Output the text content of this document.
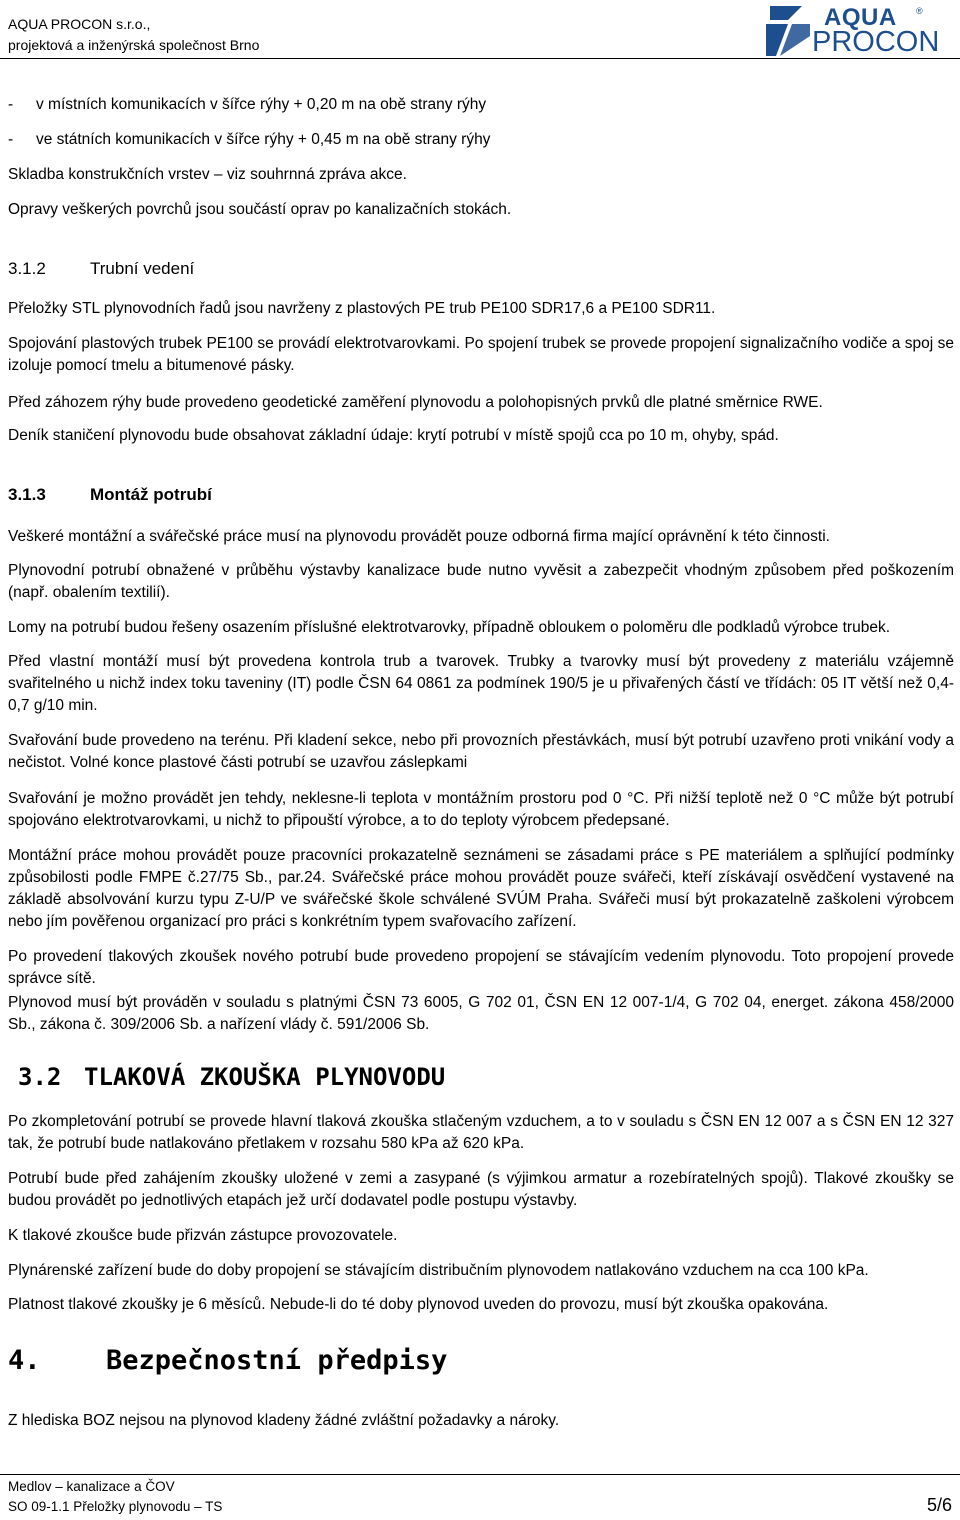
AQUA PROCON s.r.o.,
projektová a inženýrská společnost Brno
AQUA ®
PROCON
- v místních komunikacích v šířce rýhy + 0,20 m na obě strany rýhy
- ve státních komunikacích v šířce rýhy + 0,45 m na obě strany rýhy

Skladba konstrukčních vrstev – viz souhrnná zpráva akce.

Opravy veškerých povrchů jsou součástí oprav po kanalizačních stokách.

3.1.2	Trubní vedení

Přeložky STL plynovodních řadů jsou navrženy z plastových PE trub PE100 SDR17,6 a PE100 SDR11.

Spojování plastových trubek PE100 se provádí elektrotvarovkami. Po spojení trubek se provede propojení signalizačního vodiče a spoj se izoluje pomocí tmelu a bitumenové pásky.

Před záhozem rýhy bude provedeno geodetické zaměření plynovodu a polohopisných prvků dle platné směrnice RWE.

Deník staničení plynovodu bude obsahovat základní údaje: krytí potrubí v místě spojů cca po 10 m, ohyby, spád.

3.1.3	Montáž potrubí

Veškeré montážní a svářečské práce musí na plynovodu provádět pouze odborná firma mající oprávnění k této činnosti.

Plynovodní potrubí obnažené v průběhu výstavby kanalizace bude nutno vyvěsit a zabezpečit vhodným způsobem před poškozením (např. obalením textilií).

Lomy na potrubí budou řešeny osazením příslušné elektrotvarovky, případně obloukem o poloměru dle podkladů výrobce trubek.

Před vlastní montáží musí být provedena kontrola trub a tvarovek. Trubky a tvarovky musí být provedeny z materiálu vzájemně svařitelného u nichž index toku taveniny (IT) podle ČSN 64 0861 za podmínek 190/5 je u přivařených částí ve třídách: 05 IT větší než 0,4-0,7 g/10 min.

Svařování bude provedeno na terénu. Při kladení sekce, nebo při provozních přestávkách, musí být potrubí uzavřeno proti vnikání vody a nečistot. Volné konce plastové části potrubí se uzavřou záslepkami

Svařování je možno provádět jen tehdy, neklesne-li teplota v montážním prostoru pod 0 °C. Při nižší teplotě než 0 °C může být potrubí spojováno elektrotvarovkami, u nichž to připouští výrobce, a to do teploty výrobcem předepsané.

Montážní práce mohou provádět pouze pracovníci prokazatelně seznámeni se zásadami práce s PE materiálem a splňující podmínky způsobilosti podle FMPE č.27/75 Sb., par.24. Svářečské práce mohou provádět pouze svářeči, kteří získávají osvědčení vystavené na základě absolvování kurzu typu Z-U/P ve svářečské škole schválené SVÚM Praha. Svářeči musí být prokazatelně zaškoleni výrobcem nebo jím pověřenou organizací pro práci s konkrétním typem svařovacího zařízení.

Po provedení tlakových zkoušek nového potrubí bude provedeno propojení se stávajícím vedením plynovodu. Toto propojení provede správce sítě.

Plynovod musí být prováděn v souladu s platnými ČSN 73 6005, G 702 01, ČSN EN 12 007-1/4, G 702 04, energet. zákona 458/2000 Sb., zákona č. 309/2006 Sb. a nařízení vlády č. 591/2006 Sb.

3.2 TLAKOVÁ ZKOUŠKA PLYNOVODU

Po zkompletování potrubí se provede hlavní tlaková zkouška stlačeným vzduchem, a to v souladu s ČSN EN 12 007 a s ČSN EN 12 327 tak, že potrubí bude natlakováno přetlakem v rozsahu 580 kPa až 620 kPa.

Potrubí bude před zahájením zkoušky uložené v zemi a zasypané (s výjimkou armatur a rozebíratelných spojů). Tlakové zkoušky se budou provádět po jednotlivých etapách jež určí dodavatel podle postupu výstavby.

K tlakové zkoušce bude přizván zástupce provozovatele.

Plynárenské zařízení bude do doby propojení se stávajícím distribučním plynovodem natlakováno vzduchem na cca 100 kPa.

Platnost tlakové zkoušky je 6 měsíců. Nebude-li do té doby plynovod uveden do provozu, musí být zkouška opakována.

4. Bezpečnostní předpisy

Z hlediska BOZ nejsou na plynovod kladeny žádné zvláštní požadavky a nároky.

Medlov – kanalizace a ČOV
SO 09-1.1 Přeložky plynovodu – TS	5/6
